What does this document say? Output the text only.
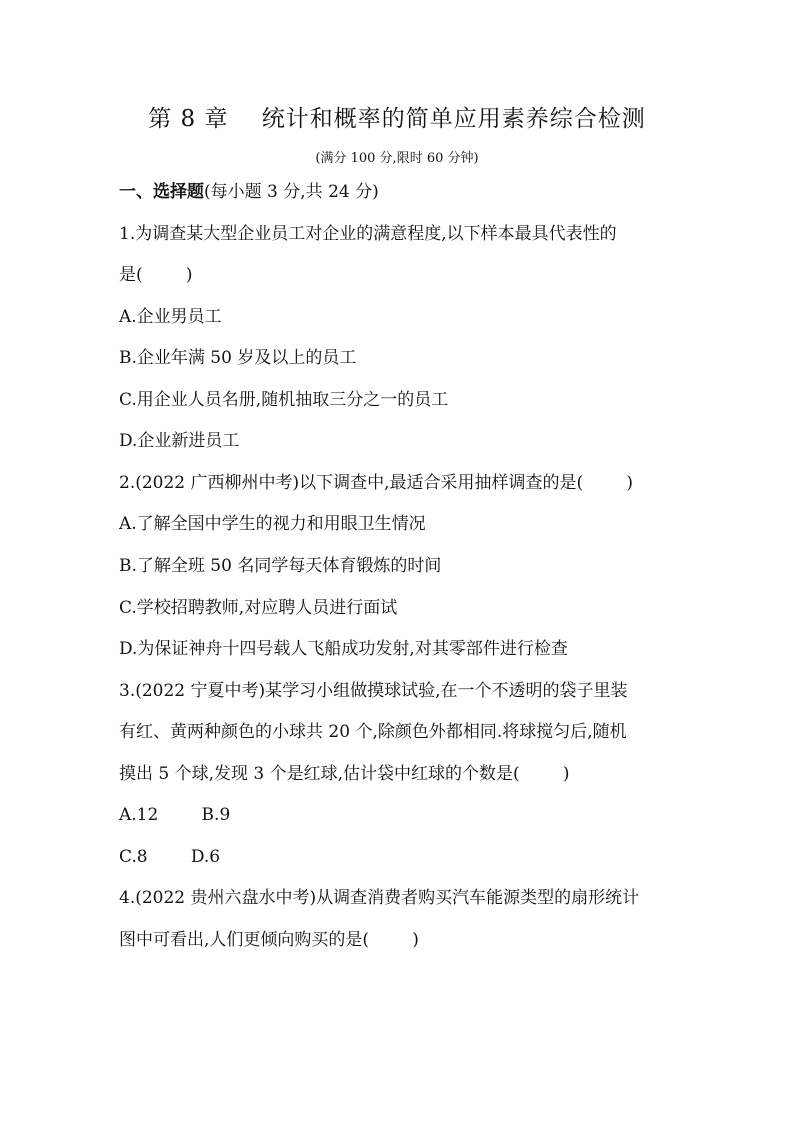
第 8 章    统计和概率的简单应用素养综合检测
(满分 100 分,限时 60 分钟)
一、选择题(每小题 3 分,共 24 分)
1.为调查某大型企业员工对企业的满意程度,以下样本最具代表性的
是(        )
A.企业男员工
B.企业年满 50 岁及以上的员工
C.用企业人员名册,随机抽取三分之一的员工
D.企业新进员工
2.(2022 广西柳州中考)以下调查中,最适合采用抽样调查的是(        )
A.了解全国中学生的视力和用眼卫生情况
B.了解全班 50 名同学每天体育锻炼的时间
C.学校招聘教师,对应聘人员进行面试
D.为保证神舟十四号载人飞船成功发射,对其零部件进行检查
3.(2022 宁夏中考)某学习小组做摸球试验,在一个不透明的袋子里装
有红、黄两种颜色的小球共 20 个,除颜色外都相同.将球搅匀后,随机
摸出 5 个球,发现 3 个是红球,估计袋中红球的个数是(        )
A.12        B.9
C.8        D.6
4.(2022 贵州六盘水中考)从调查消费者购买汽车能源类型的扇形统计
图中可看出,人们更倾向购买的是(        )
